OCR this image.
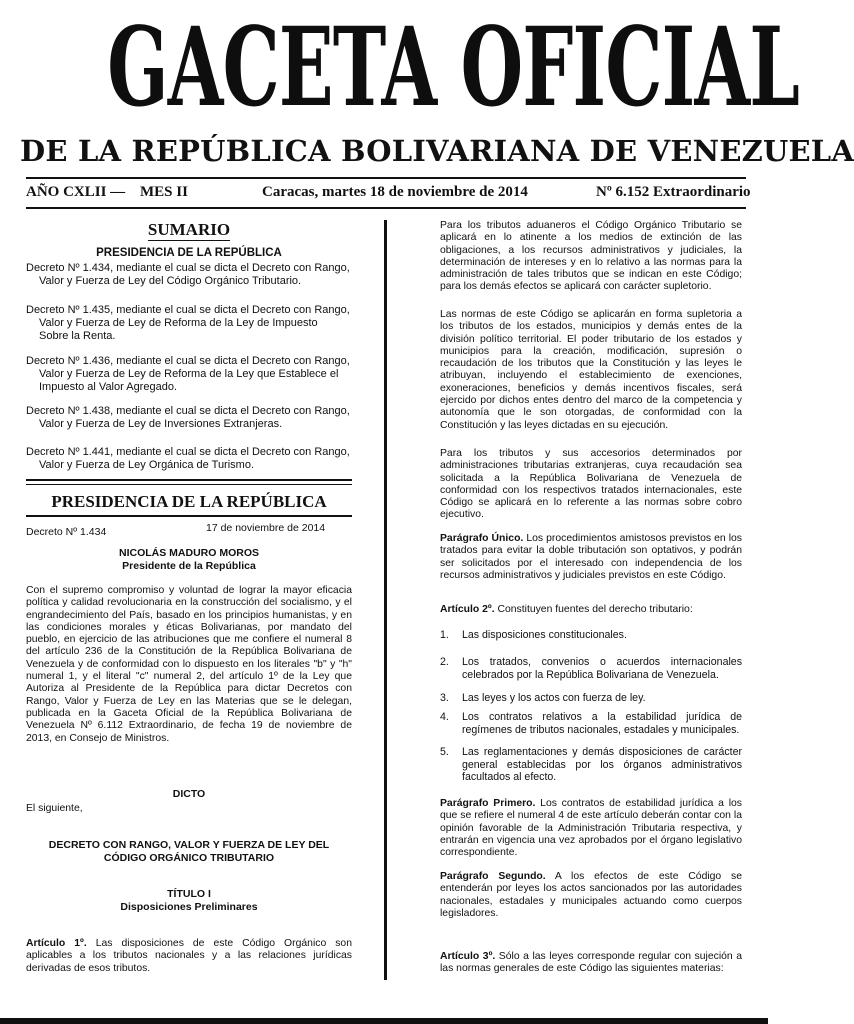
GACETA OFICIAL
DE LA REPÚBLICA BOLIVARIANA DE VENEZUELA
AÑO CXLII — MES II	Caracas, martes 18 de noviembre de 2014	Nº 6.152 Extraordinario
SUMARIO
PRESIDENCIA DE LA REPÚBLICA
Decreto Nº 1.434, mediante el cual se dicta el Decreto con Rango,
Valor y Fuerza de Ley del Código Orgánico Tributario.
Decreto Nº 1.435, mediante el cual se dicta el Decreto con Rango,
Valor y Fuerza de Ley de Reforma de la Ley de Impuesto Sobre la Renta.
Decreto Nº 1.436, mediante el cual se dicta el Decreto con Rango,
Valor y Fuerza de Ley de Reforma de la Ley que Establece el Impuesto al Valor Agregado.
Decreto Nº 1.438, mediante el cual se dicta el Decreto con Rango,
Valor y Fuerza de Ley de Inversiones Extranjeras.
Decreto Nº 1.441, mediante el cual se dicta el Decreto con Rango,
Valor y Fuerza de Ley Orgánica de Turismo.
PRESIDENCIA DE LA REPÚBLICA
Decreto Nº 1.434	17 de noviembre de 2014
NICOLÁS MADURO MOROS
Presidente de la República

Con el supremo compromiso y voluntad de lograr la mayor eficacia política y calidad revolucionaria en la construcción del socialismo, y el engrandecimiento del País, basado en los principios humanistas, y en las condiciones morales y éticas Bolivarianas, por mandato del pueblo, en ejercicio de las atribuciones que me confiere el numeral 8 del artículo 236 de la Constitución de la República Bolivariana de Venezuela y de conformidad con lo dispuesto en los literales "b" y "h" numeral 1, y el literal "c" numeral 2, del artículo 1º de la Ley que Autoriza al Presidente de la República para dictar Decretos con Rango, Valor y Fuerza de Ley en las Materias que se le delegan, publicada en la Gaceta Oficial de la República Bolivariana de Venezuela Nº 6.112 Extraordinario, de fecha 19 de noviembre de 2013, en Consejo de Ministros.

DICTO
El siguiente,
DECRETO CON RANGO, VALOR Y FUERZA DE LEY DEL
CÓDIGO ORGÁNICO TRIBUTARIO
TÍTULO I
Disposiciones Preliminares

Artículo 1º. Las disposiciones de este Código Orgánico son aplicables a los tributos nacionales y a las relaciones jurídicas derivadas de esos tributos.

Para los tributos aduaneros el Código Orgánico Tributario se aplicará en lo atinente a los medios de extinción de las obligaciones, a los recursos administrativos y judiciales, la determinación de intereses y en lo relativo a las normas para la administración de tales tributos que se indican en este Código; para los demás efectos se aplicará con carácter supletorio.

Las normas de este Código se aplicarán en forma supletoria a los tributos de los estados, municipios y demás entes de la división político territorial. El poder tributario de los estados y municipios para la creación, modificación, supresión o recaudación de los tributos que la Constitución y las leyes le atribuyan, incluyendo el establecimiento de exenciones, exoneraciones, beneficios y demás incentivos fiscales, será ejercido por dichos entes dentro del marco de la competencia y autonomía que le son otorgadas, de conformidad con la Constitución y las leyes dictadas en su ejecución.

Para los tributos y sus accesorios determinados por administraciones tributarias extranjeras, cuya recaudación sea solicitada a la República Bolivariana de Venezuela de conformidad con los respectivos tratados internacionales, este Código se aplicará en lo referente a las normas sobre cobro ejecutivo.

Parágrafo Único. Los procedimientos amistosos previstos en los tratados para evitar la doble tributación son optativos, y podrán ser solicitados por el interesado con independencia de los recursos administrativos y judiciales previstos en este Código.

Artículo 2º. Constituyen fuentes del derecho tributario:

1. Las disposiciones constitucionales.
2. Los tratados, convenios o acuerdos internacionales celebrados por la República Bolivariana de Venezuela.
3. Las leyes y los actos con fuerza de ley.
4. Los contratos relativos a la estabilidad jurídica de regímenes de tributos nacionales, estadales y municipales.
5. Las reglamentaciones y demás disposiciones de carácter general establecidas por los órganos administrativos facultados al efecto.

Parágrafo Primero. Los contratos de estabilidad jurídica a los que se refiere el numeral 4 de este artículo deberán contar con la opinión favorable de la Administración Tributaria respectiva, y entrarán en vigencia una vez aprobados por el órgano legislativo correspondiente.

Parágrafo Segundo. A los efectos de este Código se entenderán por leyes los actos sancionados por las autoridades nacionales, estadales y municipales actuando como cuerpos legisladores.

Artículo 3º. Sólo a las leyes corresponde regular con sujeción a las normas generales de este Código las siguientes materias:
